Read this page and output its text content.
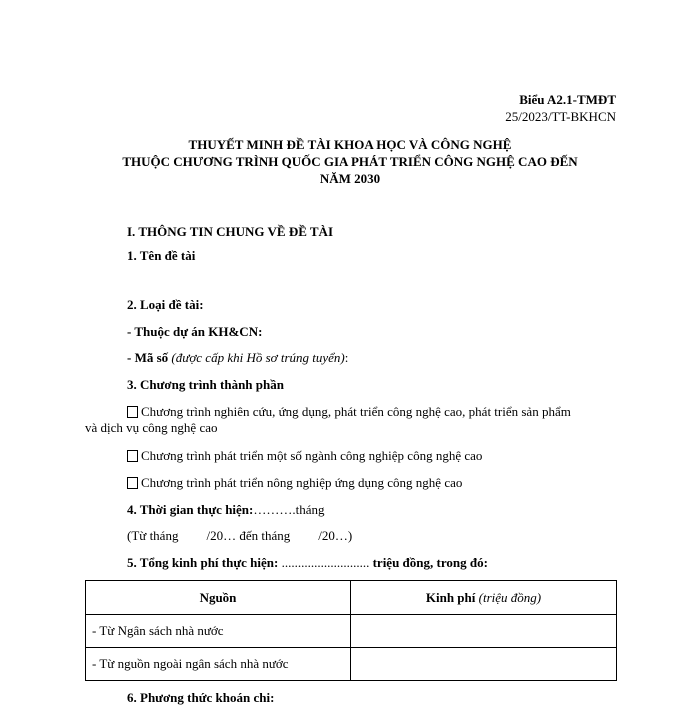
Biểu A2.1-TMĐT
25/2023/TT-BKHCN
THUYẾT MINH ĐỀ TÀI KHOA HỌC VÀ CÔNG NGHỆ
THUỘC CHƯƠNG TRÌNH QUỐC GIA PHÁT TRIỂN CÔNG NGHỆ CAO ĐẾN
NĂM 2030
I. THÔNG TIN CHUNG VỀ ĐỀ TÀI
1. Tên đề tài
2. Loại đề tài:
- Thuộc dự án KH&CN:
- Mã số (được cấp khi Hồ sơ trúng tuyển):
3. Chương trình thành phần
Chương trình nghiên cứu, ứng dụng, phát triển công nghệ cao, phát triển sản phẩm
và dịch vụ công nghệ cao
Chương trình phát triển một số ngành công nghiệp công nghệ cao
Chương trình phát triển nông nghiệp ứng dụng công nghệ cao
4. Thời gian thực hiện:……….tháng
(Từ tháng /20… đến tháng /20…)
5. Tổng kinh phí thực hiện: ........................... triệu đồng, trong đó:
Nguồn	Kinh phí (triệu đồng)
- Từ Ngân sách nhà nước	
- Từ nguồn ngoài ngân sách nhà nước	
6. Phương thức khoán chi:
